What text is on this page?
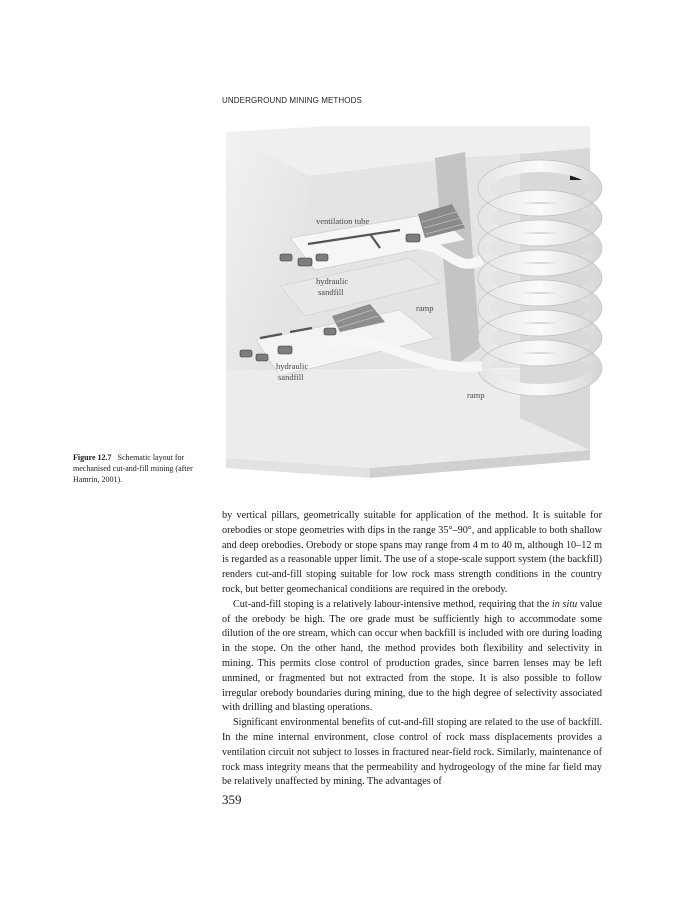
UNDERGROUND MINING METHODS
ventilation tube
hydraulic
sandfill
ramp
hydraulic
sandfill
ramp
Figure 12.7 Schematic layout for mechanised cut-and-fill mining (after Hamrin, 2001).

by vertical pillars, geometrically suitable for application of the method. It is suitable for orebodies or stope geometries with dips in the range 35°–90°, and applicable to both shallow and deep orebodies. Orebody or stope spans may range from 4 m to 40 m, although 10–12 m is regarded as a reasonable upper limit. The use of a stope-scale support system (the backfill) renders cut-and-fill stoping suitable for low rock mass strength conditions in the country rock, but better geomechanical conditions are required in the orebody.

Cut-and-fill stoping is a relatively labour-intensive method, requiring that the in situ value of the orebody be high. The ore grade must be sufficiently high to accommodate some dilution of the ore stream, which can occur when backfill is included with ore during loading in the stope. On the other hand, the method provides both flexibility and selectivity in mining. This permits close control of production grades, since barren lenses may be left unmined, or fragmented but not extracted from the stope. It is also possible to follow irregular orebody boundaries during mining, due to the high degree of selectivity associated with drilling and blasting operations.

Significant environmental benefits of cut-and-fill stoping are related to the use of backfill. In the mine internal environment, close control of rock mass displacements provides a ventilation circuit not subject to losses in fractured near-field rock. Similarly, maintenance of rock mass integrity means that the permeability and hydrogeology of the mine far field may be relatively unaffected by mining. The advantages of

359
